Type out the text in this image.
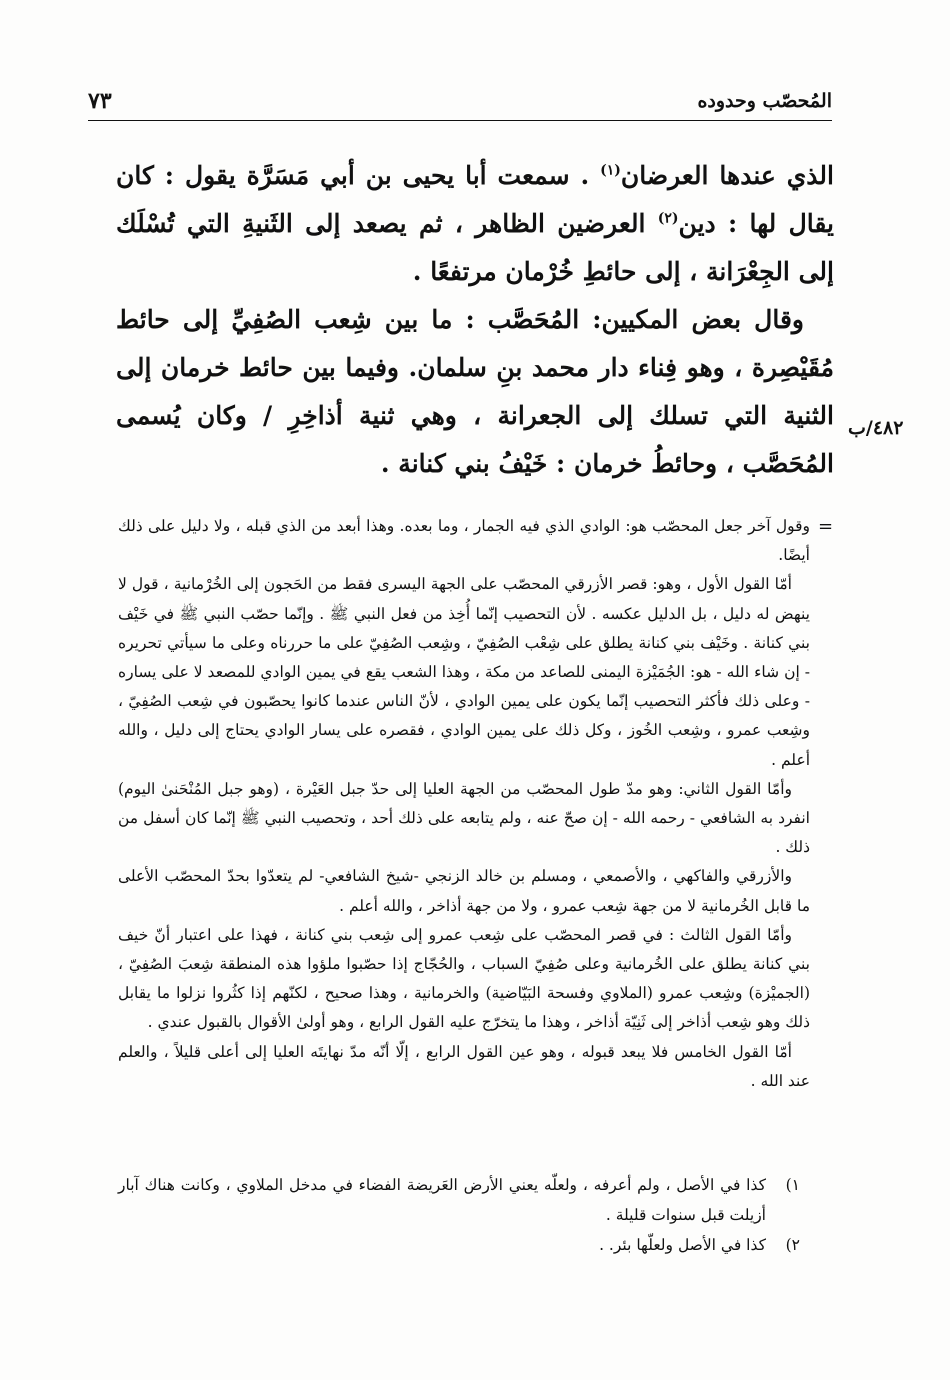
المُحصّب وحدوده
٧٣

الذي عندها العرضان$^{(١)}$ . سمعت أبا يحيى بن أبي مَسَرَّة يقول : كان يقال لها : دين$^{(٢)}$ العرضين الظاهر ، ثم يصعد إلى الثَنيةِ التي تُسْلَك إلى الجِعْرَانة ، إلى حائطِ خُرْمان مرتفعًا .

وقال بعض المكيين: المُحَصَّب : ما بين شِعب الصُفِيِّ إلى حائط مُقَيْصِرة ، وهو فِناء دار محمد بنِ سلمان. وفيما بين حائط خرمان إلى الثنية التي تسلك إلى الجعرانة ، وهي ثنية أذاخِرِ / وكان يُسمى المُحَصَّب ، وحائطُ خرمان : خَيْفُ بني كنانة .

٤٨٢/ب
=

وقول آخر جعل المحصّب هو: الوادي الذي فيه الجمار ، وما بعده. وهذا أبعد من الذي قبله ، ولا دليل على ذلك أيضًا.

أمّا القول الأول ، وهو: قصر الأزرقي المحصّب على الجهة اليسرى فقط من الحَجون إلى الخُرْمانية ، قول لا ينهض له دليل ، بل الدليل عكسه . لأن التحصيب إنّما أُخِذ من فعل النبي ﷺ . وإنّما حصّب النبي ﷺ في خَيْف بني كنانة . وخَيْف بني كنانة يطلق على شِعْب الصُفِيّ ، وشِعب الصُفِيّ على ما حررناه وعلى ما سيأتي تحريره - إن شاء الله - هو: الجُمَيْزة اليمنى للصاعد من مكة ، وهذا الشعب يقع في يمين الوادي للمصعد لا على يساره - وعلى ذلك فأكثر التحصيب إنّما يكون على يمين الوادي ، لأنّ الناس عندما كانوا يحصّبون في شِعب الصُفِيّ ، وشِعب عمرو ، وشِعب الخُوز ، وكل ذلك على يمين الوادي ، فقصره على يسار الوادي يحتاج إلى دليل ، والله أعلم .

وأمّا القول الثاني: وهو مدّ طول المحصّب من الجهة العليا إلى حدّ جبل العَيْرة ، (وهو جبل المُنْحَنىٰ اليوم) انفرد به الشافعي - رحمه الله - إن صحّ عنه ، ولم يتابعه على ذلك أحد ، وتحصيب النبي ﷺ إنّما كان أسفل من ذلك .

والأزرقي والفاكهي ، والأصمعي ، ومسلم بن خالد الزنجي -شيخ الشافعي- لم يتعدّوا بحدّ المحصّب الأعلى ما قابل الخُرمانية لا من جهة شِعب عمرو ، ولا من جهة أذاخر ، والله أعلم .

وأمّا القول الثالث : في قصر المحصّب على شِعب عمرو إلى شِعب بني كنانة ، فهذا على اعتبار أنّ خيف بني كنانة يطلق على الخُرمانية وعلى صُفِيّ السباب ، والحُجّاج إذا حصّبوا ملؤوا هذه المنطقة شِعبَ الصُفِيّ ، (الجميْزة) وشِعب عمرو (الملاوي وفسحة البَيّاضية) والخرمانية ، وهذا صحيح ، لكنّهم إذا كثُروا نزلوا ما يقابل ذلك وهو شِعب أذاخر إلى ثَنِيّة أذاخر ، وهذا ما يتخرّج عليه القول الرابع ، وهو أولىٰ الأقوال بالقبول عندي .

أمّا القول الخامس فلا يبعد قبوله ، وهو عين القول الرابع ، إلّا أنّه مدّ نهايتَه العليا إلى أعلى قليلاً ، والعلم عند الله .

١)
كذا في الأصل ، ولم أعرفه ، ولعلّه يعني الأرض العَريضة الفضاء في مدخل الملاوي ، وكانت هناك آبار أزيلت قبل سنوات قليلة .

٢)
كذا في الأصل ولعلّها بئر. .
